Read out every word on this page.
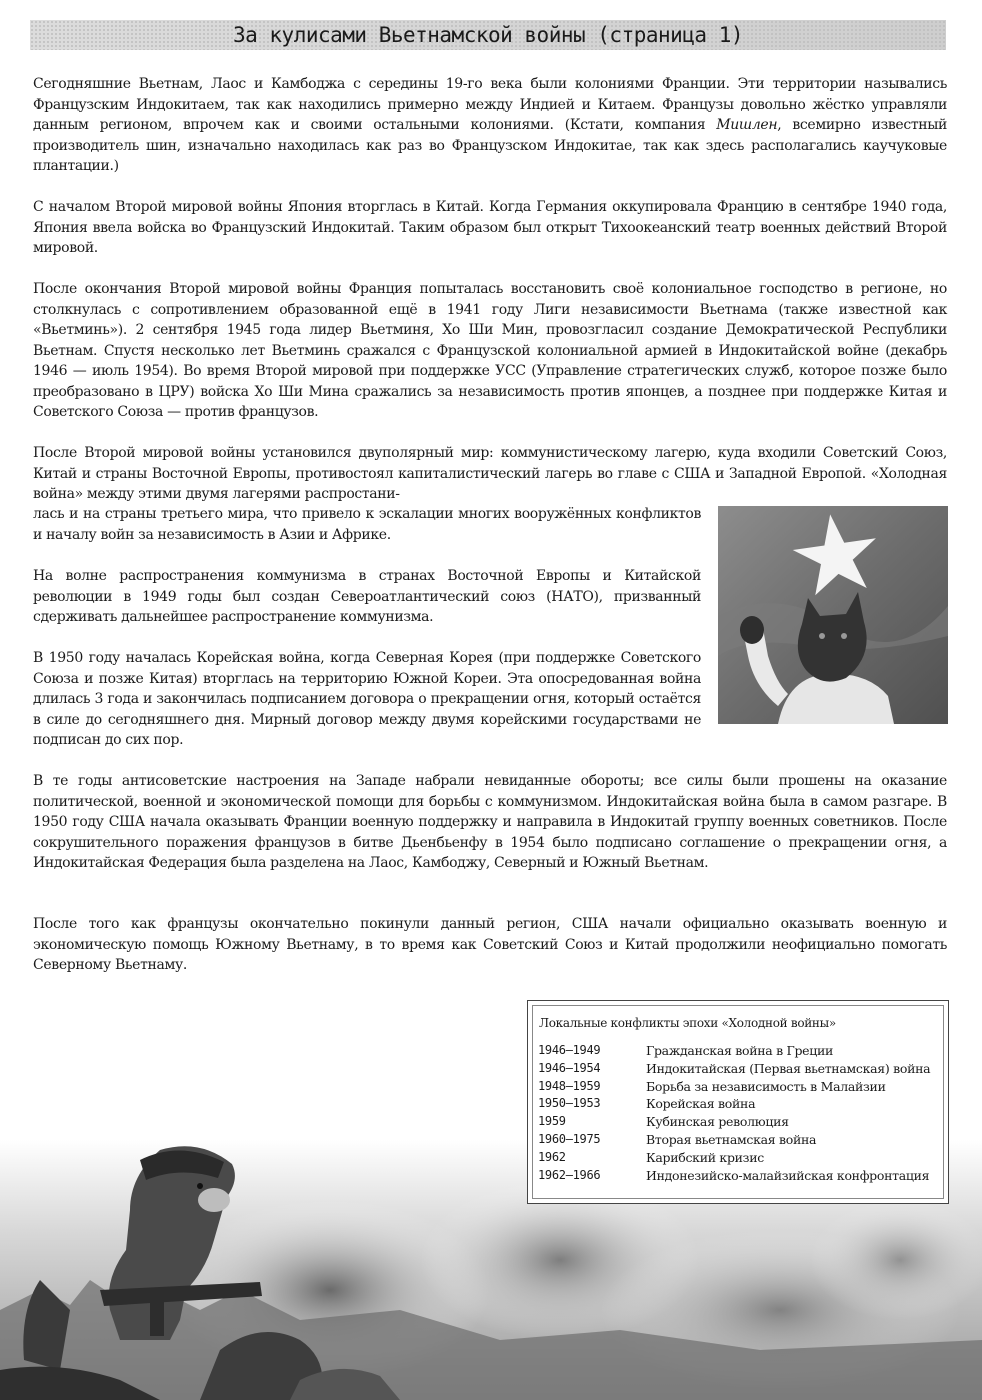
За кулисами Вьетнамской войны (страница 1)

Сегодняшние Вьетнам, Лаос и Камбоджа с середины 19-го века были колониями Франции. Эти территории назывались Французским Индокитаем, так как находились примерно между Индией и Китаем. Французы довольно жёстко управляли данным регионом, впрочем как и своими остальными колониями. (Кстати, компания Мишлен, всемирно известный производитель шин, изначально находилась как раз во Французском Индокитае, так как здесь располагались каучуковые плантации.)

С началом Второй мировой войны Япония вторглась в Китай. Когда Германия оккупировала Францию в сентябре 1940 года, Япония ввела войска во Французский Индокитай. Таким образом был открыт Тихоокеанский театр военных действий Второй мировой.

После окончания Второй мировой войны Франция попыталась восстановить своё колониальное господство в регионе, но столкнулась с сопротивлением образованной ещё в 1941 году Лиги независимости Вьетнама (также известной как «Вьетминь»). 2 сентября 1945 года лидер Вьетминя, Хо Ши Мин, провозгласил создание Демократической Республики Вьетнам. Спустя несколько лет Вьетминь сражался с Французской колониальной армией в Индокитайской войне (декабрь 1946 — июль 1954). Во время Второй мировой при поддержке УСС (Управление стратегических служб, которое позже было преобразовано в ЦРУ) войска Хо Ши Мина сражались за независимость против японцев, а позднее при поддержке Китая и Советского Союза — против французов.

После Второй мировой войны установился двуполярный мир: коммунистическому лагерю, куда входили Советский Союз, Китай и страны Восточной Европы, противостоял капиталистический лагерь во главе с США и Западной Европой. «Холодная война» между этими двумя лагерями распростани-

лась и на страны третьего мира, что привело к эскалации многих вооружённых конфликтов и началу войн за независимость в Азии и Африке.

На волне распространения коммунизма в странах Восточной Европы и Китайской революции в 1949 годы был создан Североатлантический союз (НАТО), призванный сдерживать дальнейшее распространение коммунизма.

В 1950 году началась Корейская война, когда Северная Корея (при поддержке Советского Союза и позже Китая) вторглась на территорию Южной Кореи. Эта опосредованная война длилась 3 года и закончилась подписанием договора о прекращении огня, который остаётся в силе до сегодняшнего дня. Мирный договор между двумя корейскими государствами не подписан до сих пор.

В те годы антисоветские настроения на Западе набрали невиданные обороты; все силы были прошены на оказание политической, военной и экономической помощи для борьбы с коммунизмом. Индокитайская война была в самом разгаре. В 1950 году США начала оказывать Франции военную поддержку и направила в Индокитай группу военных советников. После сокрушительного поражения французов в битве Дьенбьенфу в 1954 было подписано соглашение о прекращении огня, а Индокитайская Федерация была разделена на Лаос, Камбоджу, Северный и Южный Вьетнам.

После того как французы окончательно покинули данный регион, США начали официально оказывать военную и экономическую помощь Южному Вьетнаму, в то время как Советский Союз и Китай продолжили неофициально помогать Северному Вьетнаму.

Локальные конфликты эпохи «Холодной войны»
1946–1949	Гражданская война в Греции
1946–1954	Индокитайская (Первая вьетнамская) война
1948–1959	Борьба за независимость в Малайзии
1950–1953	Корейская война
1959	Кубинская революция
1960–1975	Вторая вьетнамская война
1962	Карибский кризис
1962–1966	Индонезийско-малайзийская конфронтация
